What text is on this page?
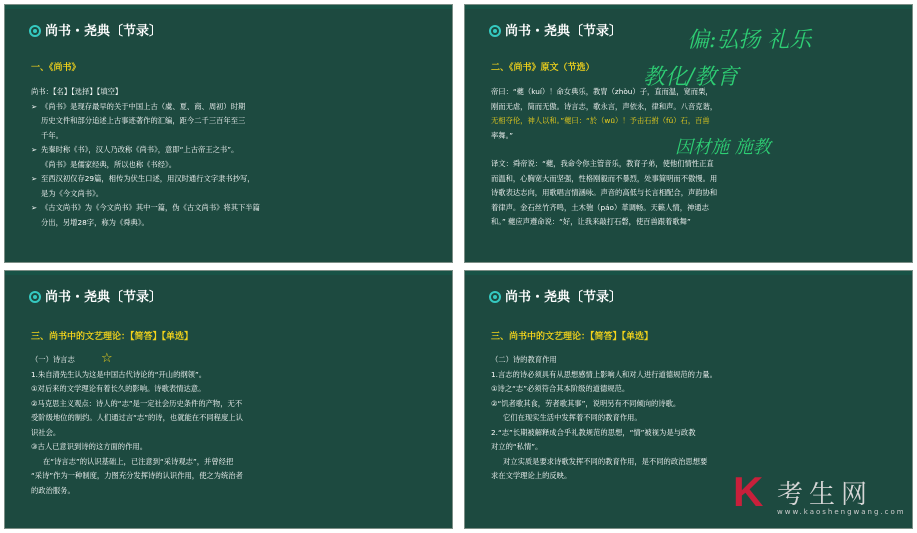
尚书・尧典〔节录〕
一、《尚书》

尚书：【名】【选择】【填空】

➢ 《尚书》是现存最早的关于中国上古（虞、夏、商、周初）时期

历史文件和部分追述上古事迹著作的汇编，距今二千三百年至三

千年。

➢ 先秦时称《书》，汉人乃改称《尚书》，意即“上古帝王之书”。

《尚书》是儒家经典，所以也称《书经》。

➢ 至西汉初仅存29篇，相传为伏生口述，用汉时通行文字隶书抄写，

是为《今文尚书》。

➢ 《古文尚书》为《今文尚书》其中一篇，伪《古文尚书》将其下半篇

分出，另增28字，称为《舜典》。

尚书・尧典〔节录〕
二、《尚书》原文（节选）
偏:弘扬 礼乐
教化/教育
因材施 施教

帝曰：“夔（kuí）！命女典乐，教胄（zhòu）子，直而温，宽而栗，

刚而无虐，简而无傲。诗言志，歌永言，声依永，律和声。八音克谐，

无相夺伦，神人以和。”夔曰：“於（wū）！予击石拊（fǔ）石，百兽

率舞。”

译文：舜帝说：“夔，我命令你主管音乐，教育子弟，使他们情性正直

而温和，心胸宽大而坚强，性格刚毅而不暴烈，处事简明而不傲慢。用

诗歌表达志向，用歌唱言情涵咏。声音的高低与长言相配合，声韵协和

着律声。金石丝竹齐鸣，土木匏（páo）革调畅。天籁人情，神通志

和。” 夔应声遵命说：“好，让我来敲打石磬，使百兽跟着歌舞”

尚书・尧典〔节录〕
三、尚书中的文艺理论：【简答】【单选】
☆

（一）诗言志

1.朱自清先生认为这是中国古代诗论的“开山的纲领”。

①对后来的文学理论有着长久的影响。诗歌表情达意。

②马克思主义观点：诗人的“志”是一定社会历史条件的产物，无不

受阶级地位的制约。人们通过言“志”的诗，也就能在不同程度上认

识社会。

③古人已意识到诗的这方面的作用。

在“诗言志”的认识基础上，已注意到“采诗观志”，并曾经把

“采诗”作为一种制度，力图充分发挥诗的认识作用，使之为统治者

的政治服务。

尚书・尧典〔节录〕
三、尚书中的文艺理论：【简答】【单选】

（二）诗的教育作用

1.言志的诗必须具有从思想感情上影响人和对人进行道德规范的力量。

①诗之“志”必须符合其本阶级的道德规范。

②“饥者歌其食，劳者歌其事”，说明另有不同倾向的诗歌。

它们在现实生活中发挥着不同的教育作用。

2.“志”长期被解释成合乎礼教规范的思想，“情”被视为是与政教

对立的“私情”。

对立实质是要求诗歌发挥不同的教育作用，是不同的政治思想要

求在文学理论上的反映。	K 考生网
www.kaoshengwang.com
